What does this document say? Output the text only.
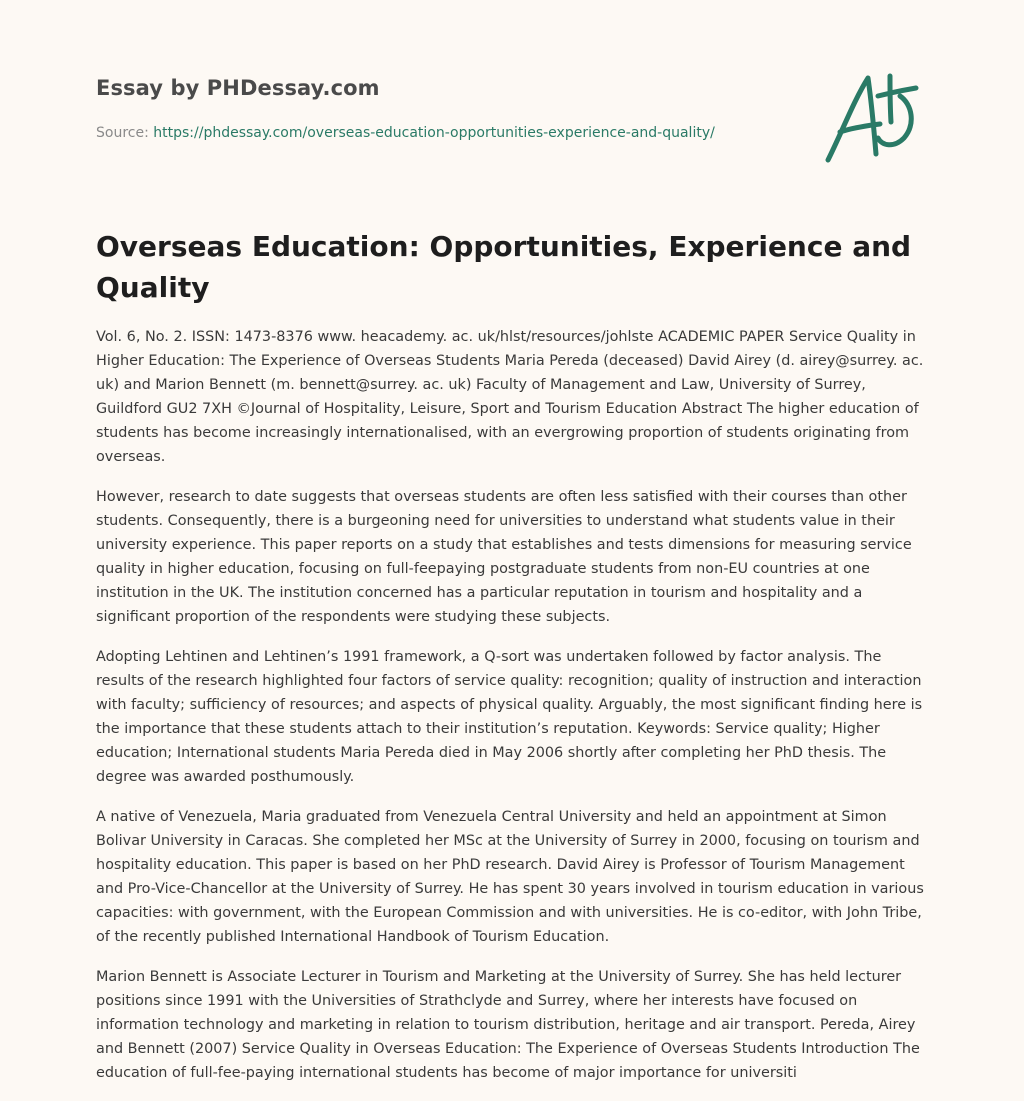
Essay by PHDessay.com
Source: https://phdessay.com/overseas-education-opportunities-experience-and-quality/
Overseas Education: Opportunities, Experience and Quality

Vol. 6, No. 2. ISSN: 1473-8376 www. heacademy. ac. uk/hlst/resources/johlste ACADEMIC PAPER Service Quality in Higher Education: The Experience of Overseas Students Maria Pereda (deceased) David Airey (d. airey@surrey. ac. uk) and Marion Bennett (m. bennett@surrey. ac. uk) Faculty of Management and Law, University of Surrey, Guildford GU2 7XH ©Journal of Hospitality, Leisure, Sport and Tourism Education Abstract The higher education of students has become increasingly internationalised, with an evergrowing proportion of students originating from overseas.

However, research to date suggests that overseas students are often less satisfied with their courses than other students. Consequently, there is a burgeoning need for universities to understand what students value in their university experience. This paper reports on a study that establishes and tests dimensions for measuring service quality in higher education, focusing on full-feepaying postgraduate students from non-EU countries at one institution in the UK. The institution concerned has a particular reputation in tourism and hospitality and a significant proportion of the respondents were studying these subjects.

Adopting Lehtinen and Lehtinen’s 1991 framework, a Q-sort was undertaken followed by factor analysis. The results of the research highlighted four factors of service quality: recognition; quality of instruction and interaction with faculty; sufficiency of resources; and aspects of physical quality. Arguably, the most significant finding here is the importance that these students attach to their institution’s reputation. Keywords: Service quality; Higher education; International students Maria Pereda died in May 2006 shortly after completing her PhD thesis. The degree was awarded posthumously.

A native of Venezuela, Maria graduated from Venezuela Central University and held an appointment at Simon Bolivar University in Caracas. She completed her MSc at the University of Surrey in 2000, focusing on tourism and hospitality education. This paper is based on her PhD research. David Airey is Professor of Tourism Management and Pro-Vice-Chancellor at the University of Surrey. He has spent 30 years involved in tourism education in various capacities: with government, with the European Commission and with universities. He is co-editor, with John Tribe, of the recently published International Handbook of Tourism Education.

Marion Bennett is Associate Lecturer in Tourism and Marketing at the University of Surrey. She has held lecturer positions since 1991 with the Universities of Strathclyde and Surrey, where her interests have focused on information technology and marketing in relation to tourism distribution, heritage and air transport. Pereda, Airey and Bennett (2007) Service Quality in Overseas Education: The Experience of Overseas Students Introduction The education of full-fee-paying international students has become of major importance for universiti
